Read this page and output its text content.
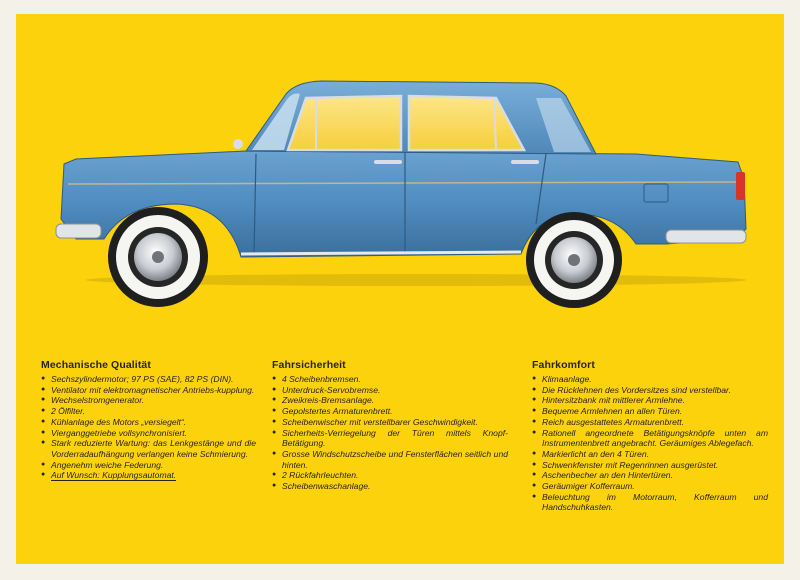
Mechanische Qualität
● Sechszylindermotor; 97 PS (SAE), 82 PS (DIN).
● Ventilator mit elektromagnetischer Antriebs-kupplung.
● Wechselstromgenerator.
● 2 Ölfilter.
● Kühlanlage des Motors „versiegelt“.
● Vierganggetriebe vollsynchronisiert.
● Stark reduzierte Wartung: das Lenkgestänge und die Vorderradaufhängung verlangen keine Schmierung.
● Angenehm weiche Federung.
● Auf Wunsch: Kupplungsautomat.
Fahrsicherheit
● 4 Scheibenbremsen.
● Unterdruck-Servobremse.
● Zweikreis-Bremsanlage.
● Gepolstertes Armaturenbrett.
● Scheibenwischer mit verstellbarer Geschwindigkeit.
● Sicherheits-Verriegelung der Türen mittels Knopf-Betätigung.
● Grosse Windschutzscheibe und Fensterflächen seitlich und hinten.
● 2 Rückfahrleuchten.
● Scheibenwaschanlage.
Fahrkomfort
● Klimaanlage.
● Die Rücklehnen des Vordersitzes sind verstellbar.
● Hintersitzbank mit mittlerer Armlehne.
● Bequeme Armlehnen an allen Türen.
● Reich ausgestattetes Armaturenbrett.
● Rationell angeordnete Betätigungsknöpfe unten am Instrumentenbrett angebracht. Geräumiges Ablegefach.
● Markierlicht an den 4 Türen.
● Schwenkfenster mit Regenrinnen ausgerüstet.
● Aschenbecher an den Hintertüren.
● Geräumiger Kofferraum.
● Beleuchtung im Motorraum, Kofferraum und Handschuhkasten.
